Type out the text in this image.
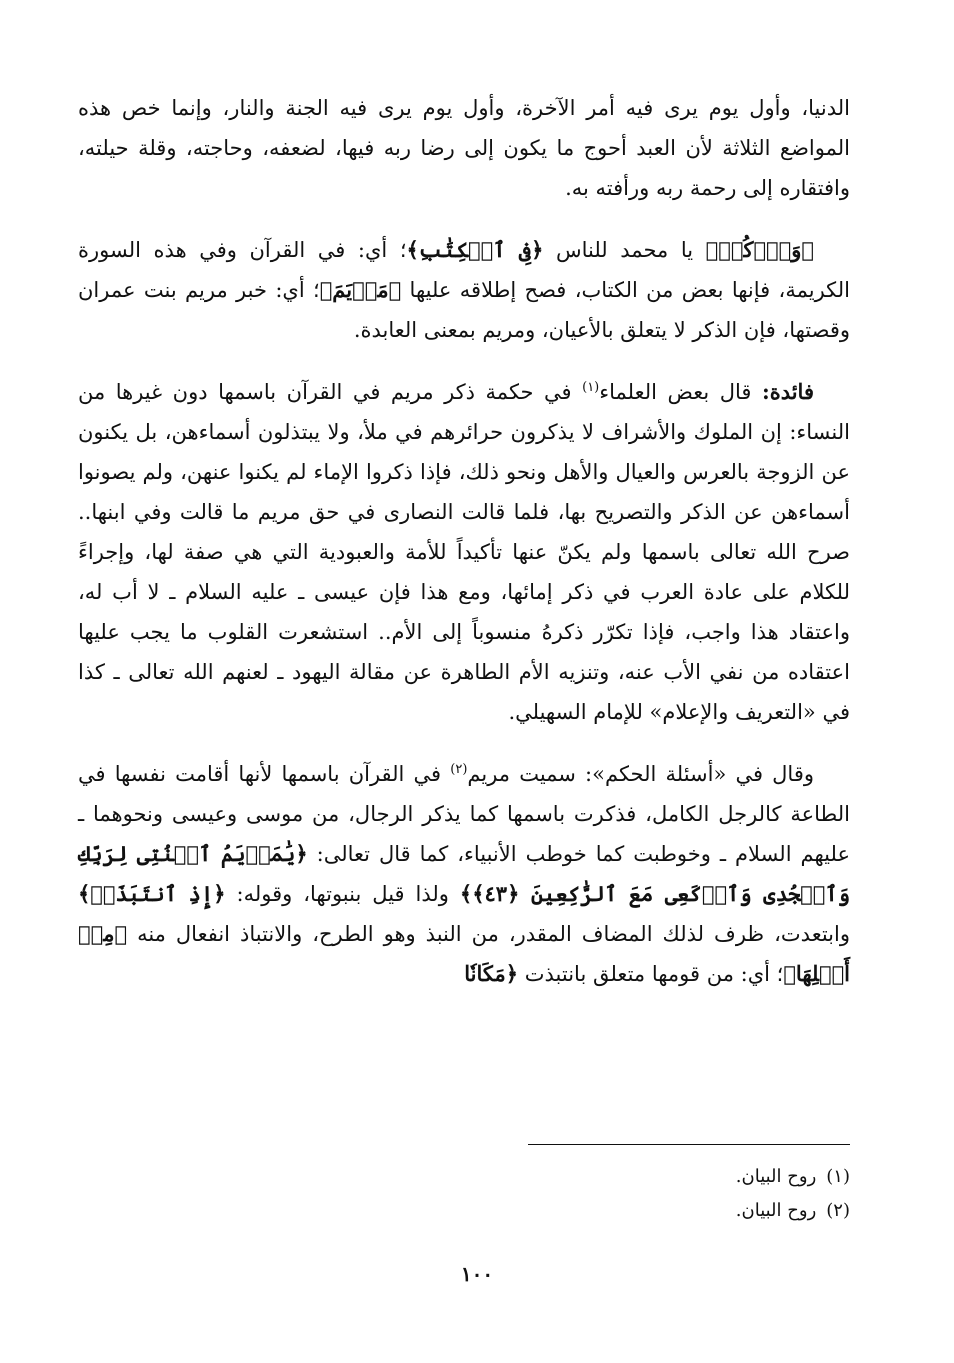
الدنيا، وأول يوم يرى فيه أمر الآخرة، وأول يوم يرى فيه الجنة والنار، وإنما خص هذه المواضع الثلاثة لأن العبد أحوج ما يكون إلى رضا ربه فيها، لضعفه، وحاجته، وقلة حيلته، وافتقاره إلى رحمة ربه ورأفته به.

﴿وَٱذۡكُرۡ﴾ يا محمد للناس ﴿فِى ٱلۡكِتَٰبِ﴾؛ أي: في القرآن وفي هذه السورة الكريمة، فإنها بعض من الكتاب، فصح إطلاقه عليها ﴿مَرۡيَمَ﴾؛ أي: خبر مريم بنت عمران وقصتها، فإن الذكر لا يتعلق بالأعيان، ومريم بمعنى العابدة.

فائدة: قال بعض العلماء$^{(١)}$ في حكمة ذكر مريم في القرآن باسمها دون غيرها من النساء: إن الملوك والأشراف لا يذكرون حرائرهم في ملأ، ولا يبتذلون أسماءهن، بل يكنون عن الزوجة بالعرس والعيال والأهل ونحو ذلك، فإذا ذكروا الإماء لم يكنوا عنهن، ولم يصونوا أسماءهن عن الذكر والتصريح بها، فلما قالت النصارى في حق مريم ما قالت وفي ابنها.. صرح الله تعالى باسمها ولم يكنّ عنها تأكيداً للأمة والعبودية التي هي صفة لها، وإجراءً للكلام على عادة العرب في ذكر إمائها، ومع هذا فإن عيسى ـ عليه السلام ـ لا أب له، واعتقاد هذا واجب، فإذا تكرّر ذكرهُ منسوباً إلى الأم.. استشعرت القلوب ما يجب عليها اعتقاده من نفي الأب عنه، وتنزيه الأم الطاهرة عن مقالة اليهود ـ لعنهم الله تعالى ـ كذا في «التعريف والإعلام» للإمام السهيلي.

وقال في «أسئلة الحكم»: سميت مريم$^{(٢)}$ في القرآن باسمها لأنها أقامت نفسها في الطاعة كالرجل الكامل، فذكرت باسمها كما يذكر الرجال، من موسى وعيسى ونحوهما ـ عليهم السلام ـ وخوطبت كما خوطب الأنبياء، كما قال تعالى: ﴿يَٰمَرۡيَمُ ٱقۡنُتِى لِرَبِّكِ وَٱسۡجُدِى وَٱرۡكَعِى مَعَ ٱلرَّٰكِعِينَ ﴿٤٣﴾﴾ ولذا قيل بنبوتها، وقوله: ﴿إِذِ ٱنتَبَذَتۡ﴾ وابتعدت، ظرف لذلك المضاف المقدر، من النبذ وهو الطرح، والانتباذ انفعال منه ﴿مِنۡ أَهۡلِهَا﴾؛ أي: من قومها متعلق بانتبذت ﴿مَكَانٗا

(١)روح البيان.
(٢)روح البيان.
١٠٠
